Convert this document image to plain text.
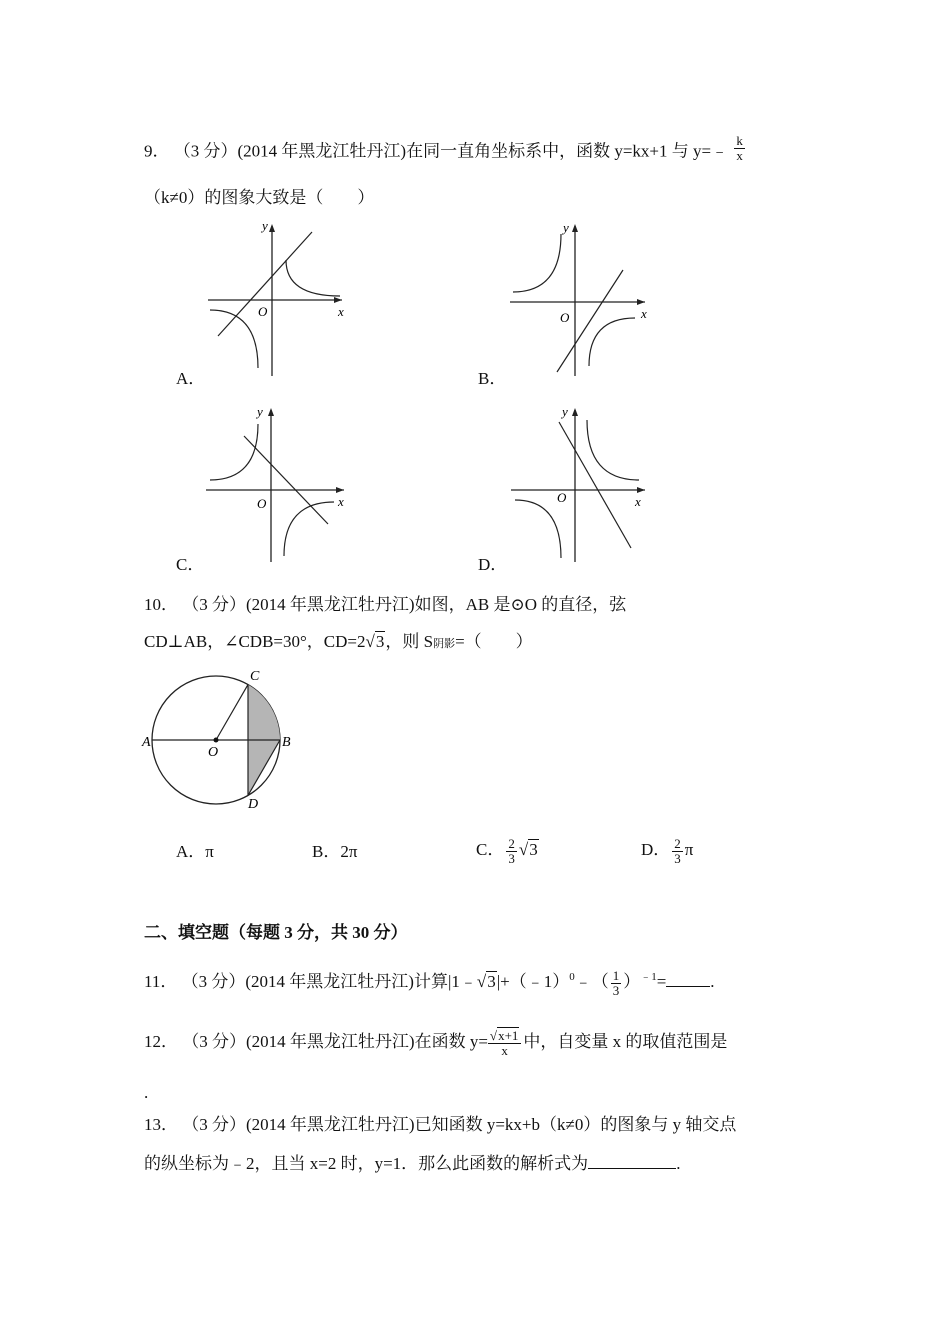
9． （3 分）(2014 年黑龙江牡丹江)在同一直角坐标系中，函数 y=kx+1 与 y=﹣ $\frac{k}{x}$
（k≠0）的图象大致是（　　）
x
y
O
A．
x
y
O
B．
x
y
O
C．
x
y
O
D．
10． （3 分）(2014 年黑龙江牡丹江)如图，AB 是⊙O 的直径，弦
CD⊥AB，∠CDB=30°，CD=2√3，则 S阴影=（　　）
A	B
C
D
O
A．π	B．2π	C． $\frac{2}{3} √3$	D． $\frac{2}{3}$ π
二、填空题（每题 3 分，共 30 分）
11． （3 分）(2014 年黑龙江牡丹江)计算|1﹣√3|+（﹣1）$^0$﹣（ $\frac{1}{3} )^{﹣1}=$	.
12． （3 分）(2014 年黑龙江牡丹江)在函数 $y= \frac{√x+1}{x}$ 中，自变量 x 的取值范围是
.
13． （3 分）(2014 年黑龙江牡丹江)已知函数 y=kx+b（k≠0）的图象与 y 轴交点
的纵坐标为﹣2，且当 x=2 时，y=1．那么此函数的解析式为	.
